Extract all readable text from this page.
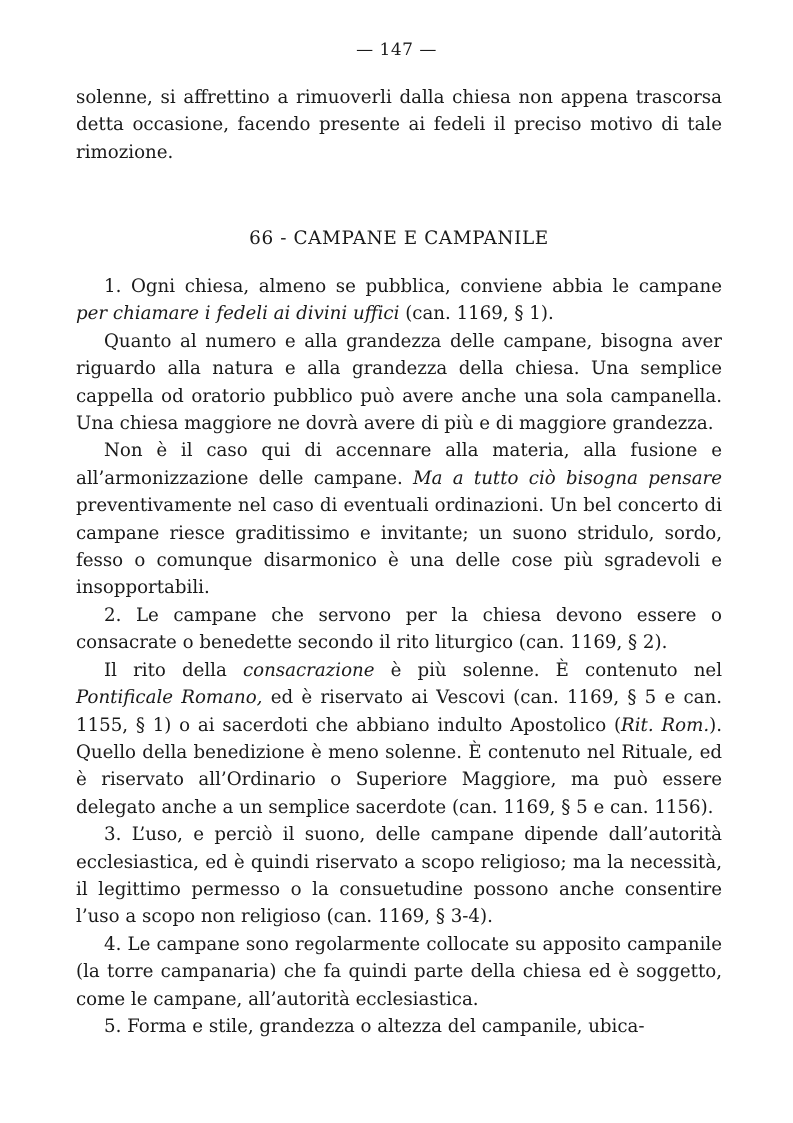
— 147 —

solenne, si affrettino a rimuoverli dalla chiesa non appena trascorsa detta occasione, facendo presente ai fedeli il preciso motivo di tale rimozione.

66 - CAMPANE E CAMPANILE

1. Ogni chiesa, almeno se pubblica, conviene abbia le campane per chiamare i fedeli ai divini uffici (can. 1169, § 1).

Quanto al numero e alla grandezza delle campane, bisogna aver riguardo alla natura e alla grandezza della chiesa. Una semplice cappella od oratorio pubblico può avere anche una sola campanella. Una chiesa maggiore ne dovrà avere di più e di maggiore grandezza.

Non è il caso qui di accennare alla materia, alla fusione e all’armonizzazione delle campane. Ma a tutto ciò bisogna pensare preventivamente nel caso di eventuali ordinazioni. Un bel concerto di campane riesce graditissimo e invitante; un suono stridulo, sordo, fesso o comunque disarmonico è una delle cose più sgradevoli e insopportabili.

2. Le campane che servono per la chiesa devono essere o consacrate o benedette secondo il rito liturgico (can. 1169, § 2).

Il rito della consacrazione è più solenne. È contenuto nel Pontificale Romano, ed è riservato ai Vescovi (can. 1169, § 5 e can. 1155, § 1) o ai sacerdoti che abbiano indulto Apostolico (Rit. Rom.). Quello della benedizione è meno solenne. È contenuto nel Rituale, ed è riservato all’Ordinario o Superiore Maggiore, ma può essere delegato anche a un semplice sacerdote (can. 1169, § 5 e can. 1156).

3. L’uso, e perciò il suono, delle campane dipende dall’autorità ecclesiastica, ed è quindi riservato a scopo religioso; ma la necessità, il legittimo permesso o la consuetudine possono anche consentire l’uso a scopo non religioso (can. 1169, § 3-4).

4. Le campane sono regolarmente collocate su apposito campanile (la torre campanaria) che fa quindi parte della chiesa ed è soggetto, come le campane, all’autorità ecclesiastica.

5. Forma e stile, grandezza o altezza del campanile, ubica-
